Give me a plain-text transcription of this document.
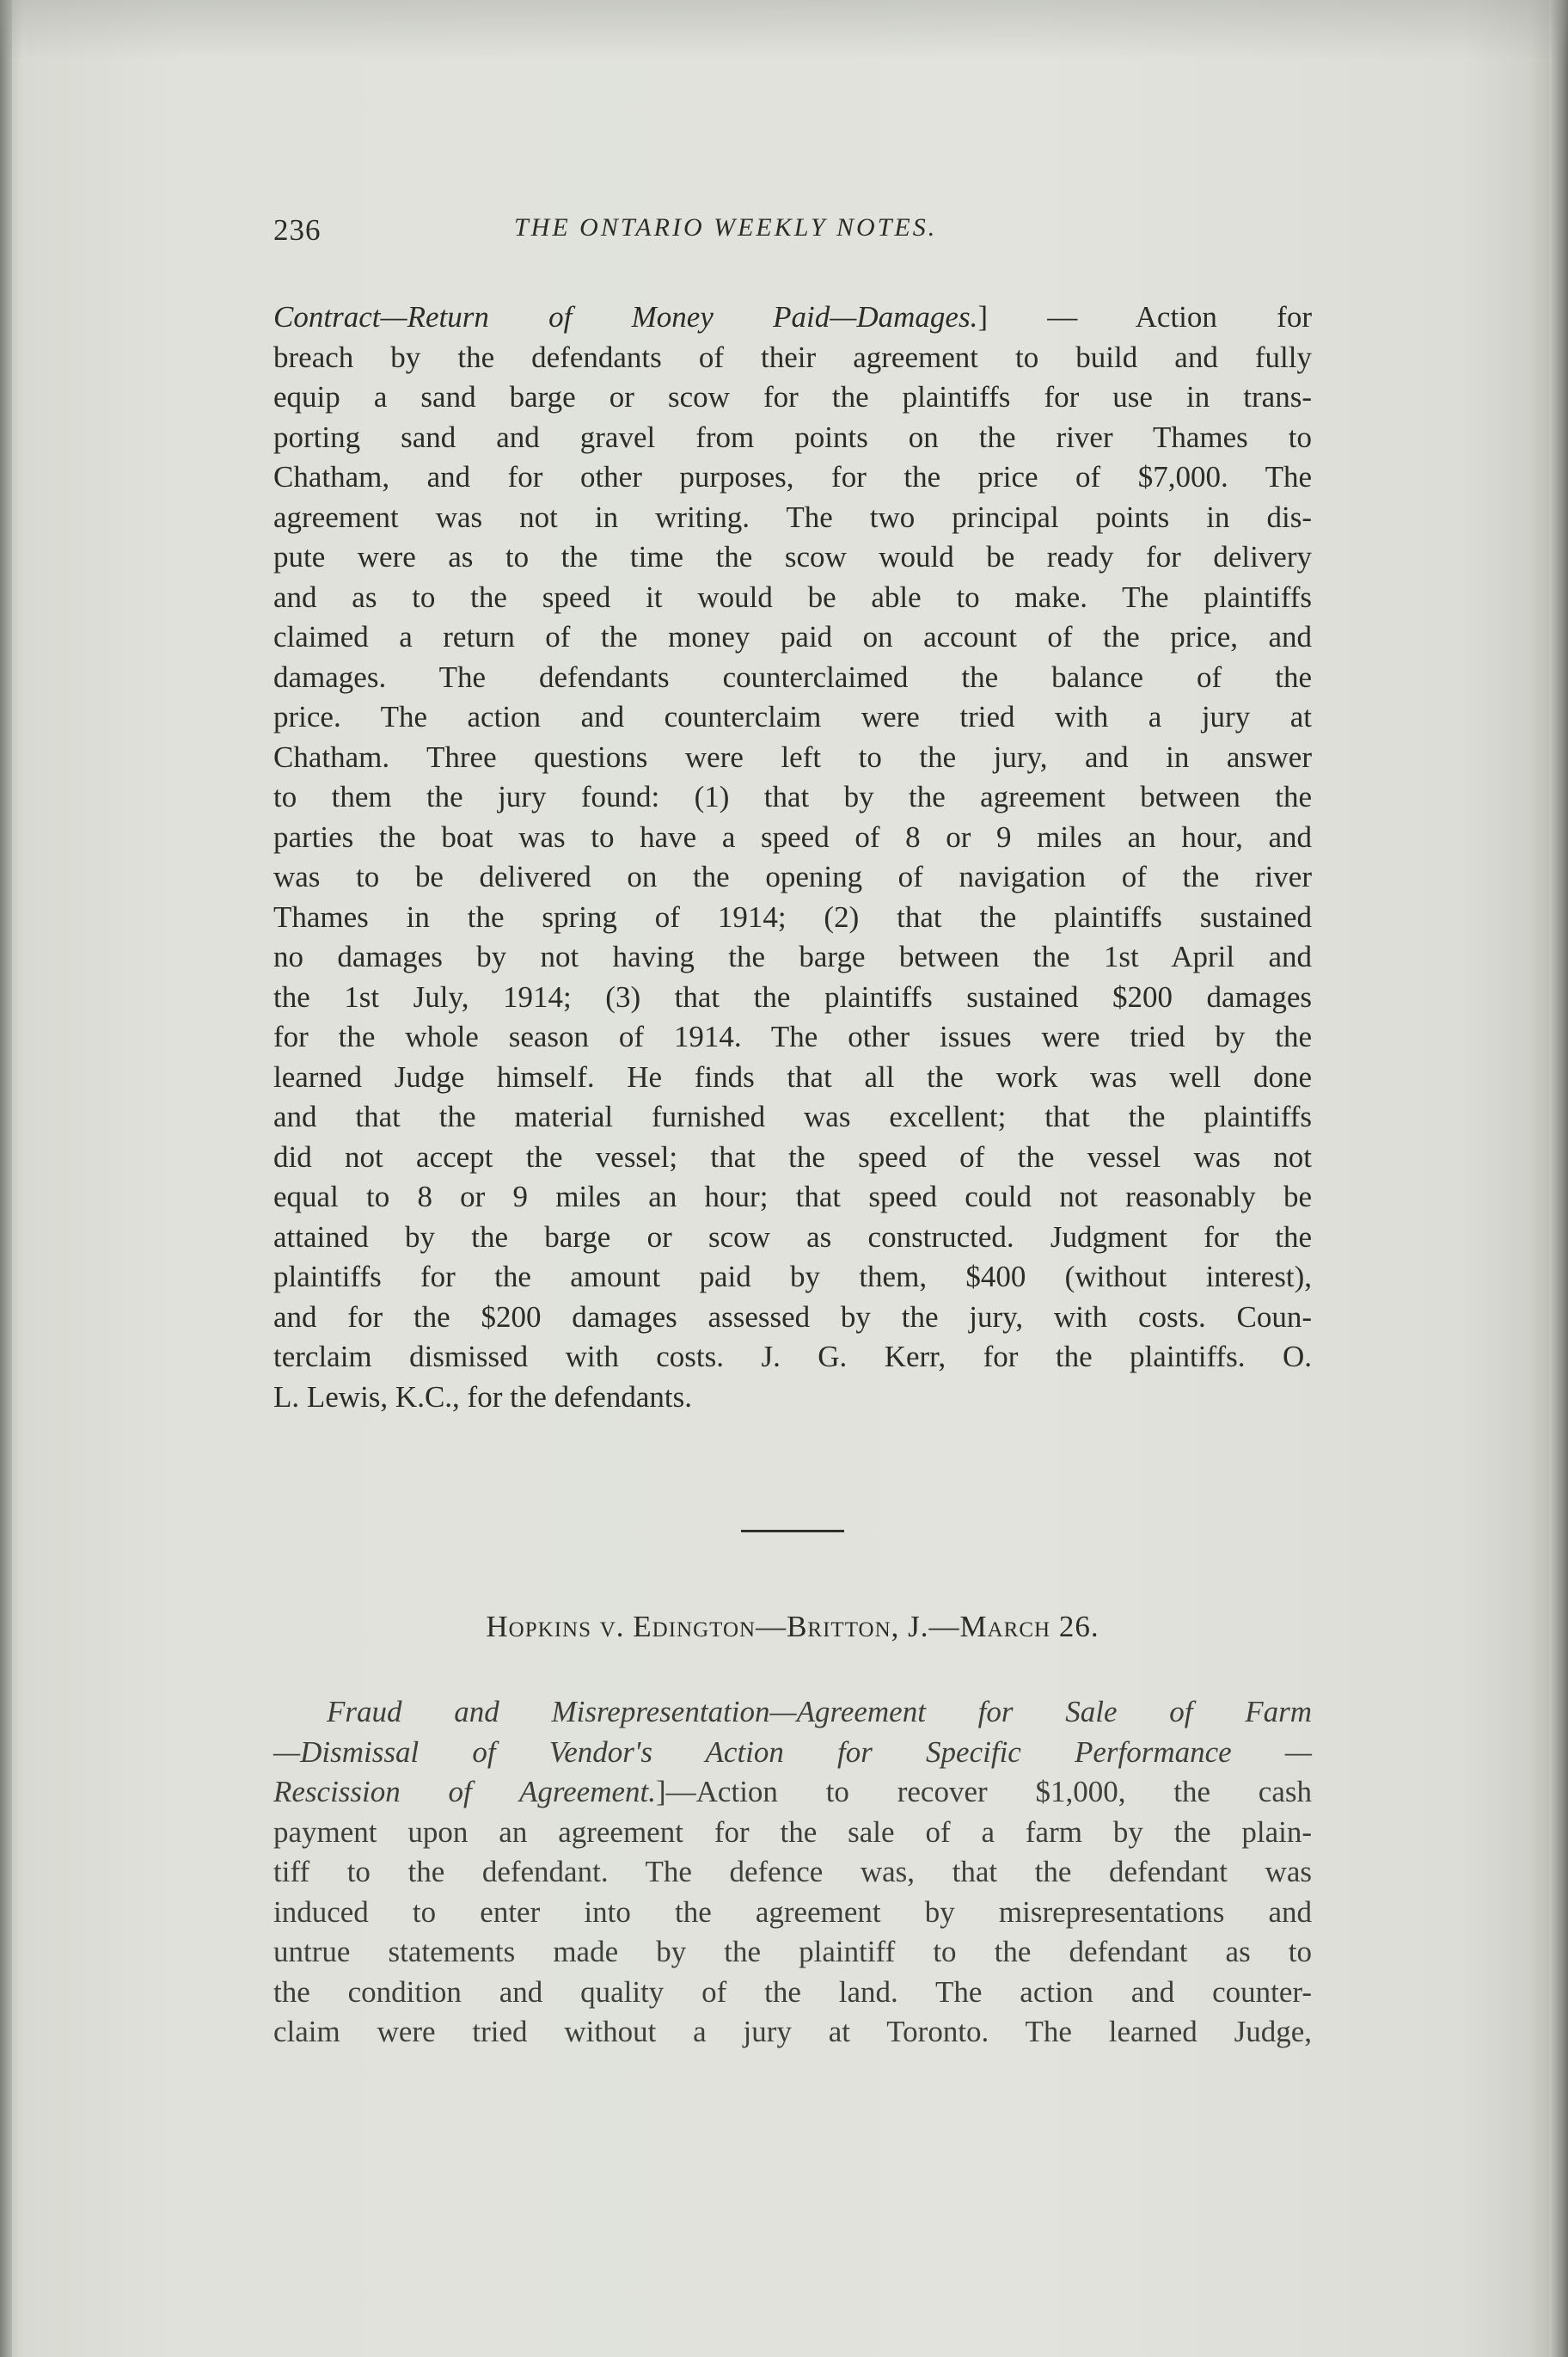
236	THE ONTARIO WEEKLY NOTES.
Contract—Return of Money Paid—Damages.] — Action for
breach by the defendants of their agreement to build and fully
equip a sand barge or scow for the plaintiffs for use in trans-
porting sand and gravel from points on the river Thames to
Chatham, and for other purposes, for the price of $7,000. The
agreement was not in writing. The two principal points in dis-
pute were as to the time the scow would be ready for delivery
and as to the speed it would be able to make. The plaintiffs
claimed a return of the money paid on account of the price, and
damages. The defendants counterclaimed the balance of the
price. The action and counterclaim were tried with a jury at
Chatham. Three questions were left to the jury, and in answer
to them the jury found: (1) that by the agreement between the
parties the boat was to have a speed of 8 or 9 miles an hour, and
was to be delivered on the opening of navigation of the river
Thames in the spring of 1914; (2) that the plaintiffs sustained
no damages by not having the barge between the 1st April and
the 1st July, 1914; (3) that the plaintiffs sustained $200 damages
for the whole season of 1914. The other issues were tried by the
learned Judge himself. He finds that all the work was well done
and that the material furnished was excellent; that the plaintiffs
did not accept the vessel; that the speed of the vessel was not
equal to 8 or 9 miles an hour; that speed could not reasonably be
attained by the barge or scow as constructed. Judgment for the
plaintiffs for the amount paid by them, $400 (without interest),
and for the $200 damages assessed by the jury, with costs. Coun-
terclaim dismissed with costs. J. G. Kerr, for the plaintiffs. O.
L. Lewis, K.C., for the defendants.
Hopkins v. Edington—Britton, J.—March 26.
Fraud and Misrepresentation—Agreement for Sale of Farm
—Dismissal of Vendor's Action for Specific Performance —
Rescission of Agreement.]—Action to recover $1,000, the cash
payment upon an agreement for the sale of a farm by the plain-
tiff to the defendant. The defence was, that the defendant was
induced to enter into the agreement by misrepresentations and
untrue statements made by the plaintiff to the defendant as to
the condition and quality of the land. The action and counter-
claim were tried without a jury at Toronto. The learned Judge,
